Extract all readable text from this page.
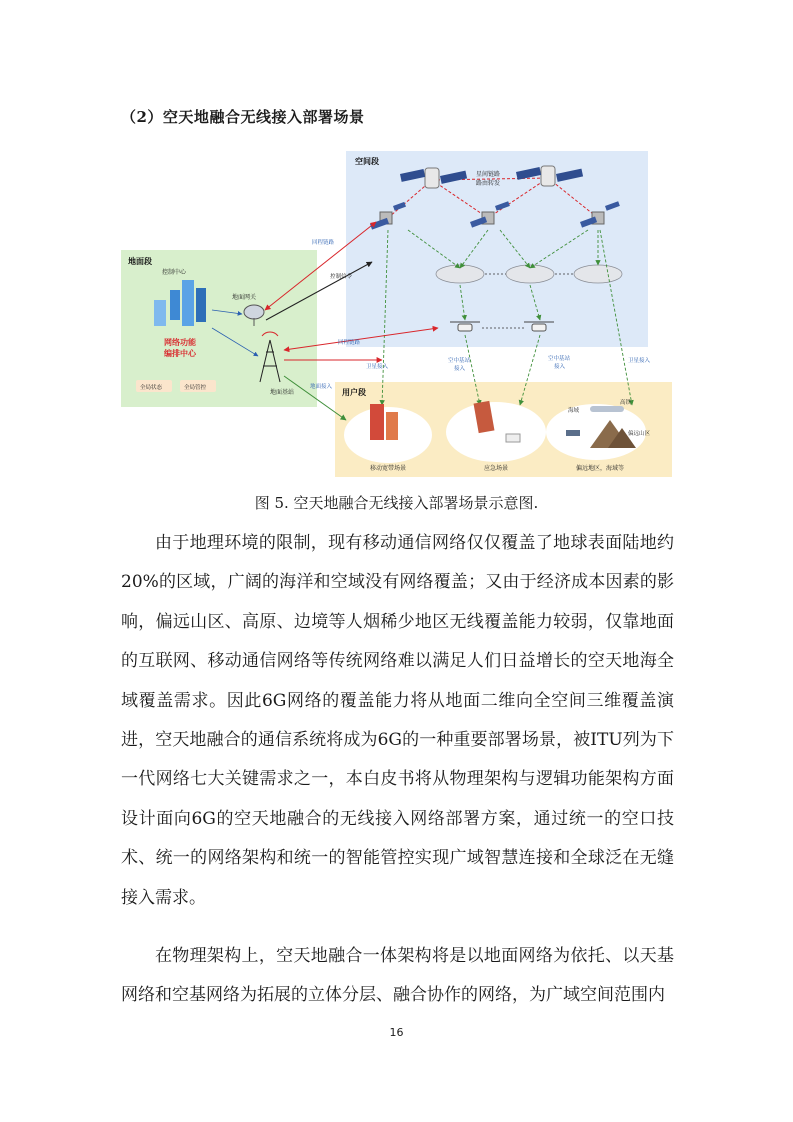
（2）空天地融合无线接入部署场景
空间段
地面段
用户段
星间链路路由转发
控制中心
网络功能编排中心
全局状态	全局管控
地面网关
地面基站
回程链路
控制信令
回程链路
卫星接入
空中基站接入
空中基站接入
卫星接入
地面接入
海域
高铁
偏远山区
移动宽带场景	应急场景	偏远地区，海域等
图 5. 空天地融合无线接入部署场景示意图.

由于地理环境的限制，现有移动通信网络仅仅覆盖了地球表面陆地约20%的区域，广阔的海洋和空域没有网络覆盖；又由于经济成本因素的影响，偏远山区、高原、边境等人烟稀少地区无线覆盖能力较弱，仅靠地面的互联网、移动通信网络等传统网络难以满足人们日益增长的空天地海全域覆盖需求。因此6G网络的覆盖能力将从地面二维向全空间三维覆盖演进，空天地融合的通信系统将成为6G的一种重要部署场景，被ITU列为下一代网络七大关键需求之一，本白皮书将从物理架构与逻辑功能架构方面设计面向6G的空天地融合的无线接入网络部署方案，通过统一的空口技术、统一的网络架构和统一的智能管控实现广域智慧连接和全球泛在无缝接入需求。

在物理架构上，空天地融合一体架构将是以地面网络为依托、以天基网络和空基网络为拓展的立体分层、融合协作的网络，为广域空间范围内

16
